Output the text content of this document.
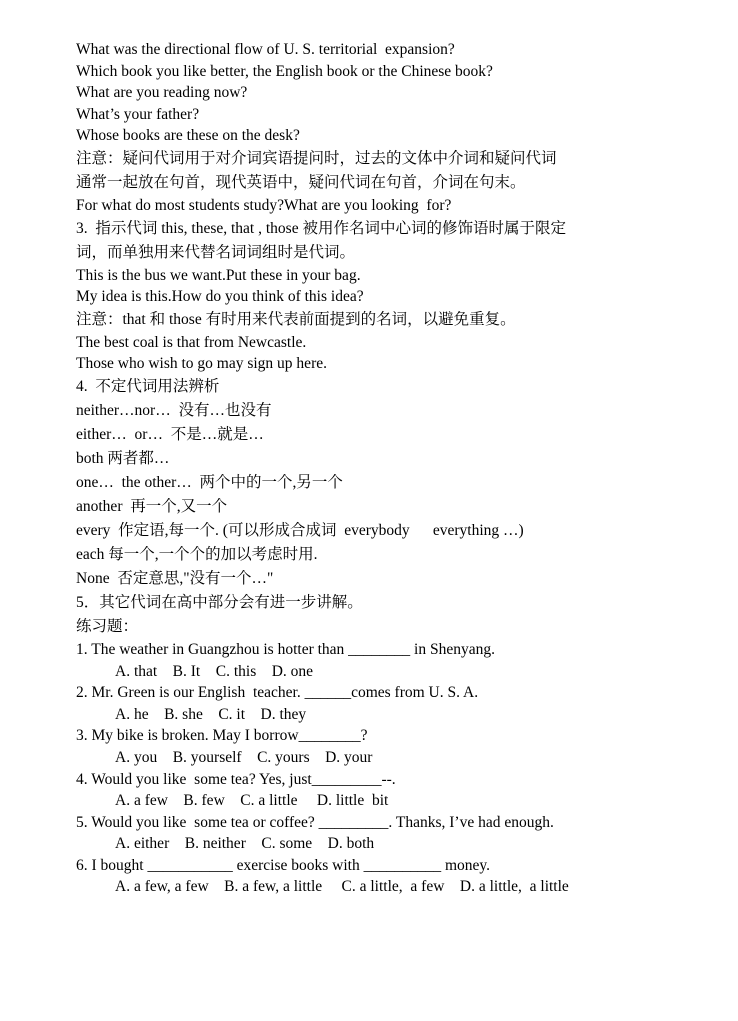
What was the directional flow of U. S. territorial  expansion?
Which book you like better, the English book or the Chinese book?
What are you reading now?
What’s your father?
Whose books are these on the desk?
注意：疑问代词用于对介词宾语提问时，过去的文体中介词和疑问代词
通常一起放在句首，现代英语中，疑问代词在句首，介词在句末。
For what do most students study?What are you looking  for?
3.  指示代词 this, these, that , those 被用作名词中心词的修饰语时属于限定
词，而单独用来代替名词词组时是代词。
This is the bus we want.Put these in your bag.
My idea is this.How do you think of this idea?
注意：that 和 those 有时用来代表前面提到的名词，以避免重复。
The best coal is that from Newcastle.
Those who wish to go may sign up here.
4.  不定代词用法辨析
neither…nor…  没有…也没有
either…  or…  不是…就是…
both 两者都…
one…  the other…  两个中的一个,另一个
another  再一个,又一个
every  作定语,每一个. (可以形成合成词  everybody      everything …)
each 每一个,一个个的加以考虑时用.
None  否定意思,"没有一个…"
5．其它代词在高中部分会有进一步讲解。
练习题：
1. The weather in Guangzhou is hotter than ________ in Shenyang.
A. that    B. It    C. this    D. one
2. Mr. Green is our English  teacher. ______comes from U. S. A.
A. he    B. she    C. it    D. they
3. My bike is broken. May I borrow________?
A. you    B. yourself    C. yours    D. your
4. Would you like  some tea? Yes, just_________--.
A. a few    B. few    C. a little     D. little  bit
5. Would you like  some tea or coffee? _________. Thanks, I’ve had enough.
A. either    B. neither    C. some    D. both
6. I bought ___________ exercise books with __________ money.
A. a few, a few    B. a few, a little     C. a little,  a few    D. a little,  a little
